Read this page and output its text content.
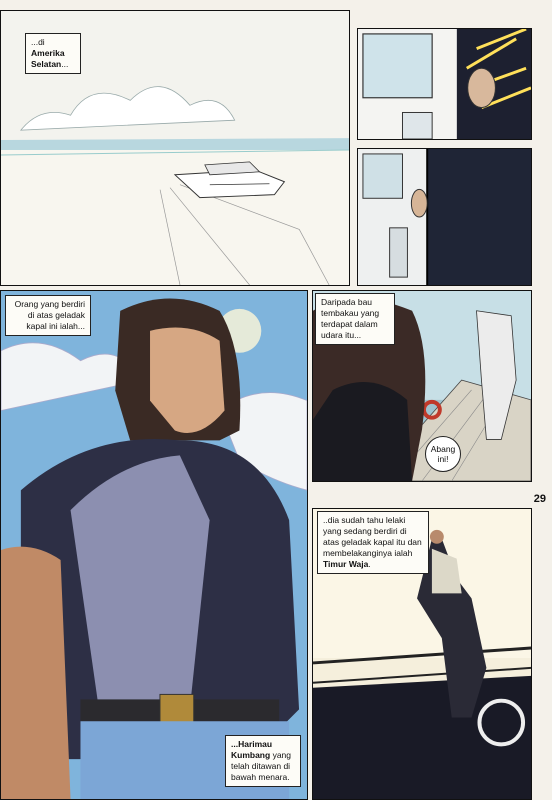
...di Amerika Selatan...
Orang yang berdiri di atas geladak kapal ini ialah...
...Harimau Kumbang yang telah ditawan di bawah menara.
Daripada bau tembakau yang terdapat dalam udara itu...
Abang ini!
29
..dia sudah tahu lelaki yang sedang berdiri di atas geladak kapal itu dan membelakanginya ialah Timur Waja.
